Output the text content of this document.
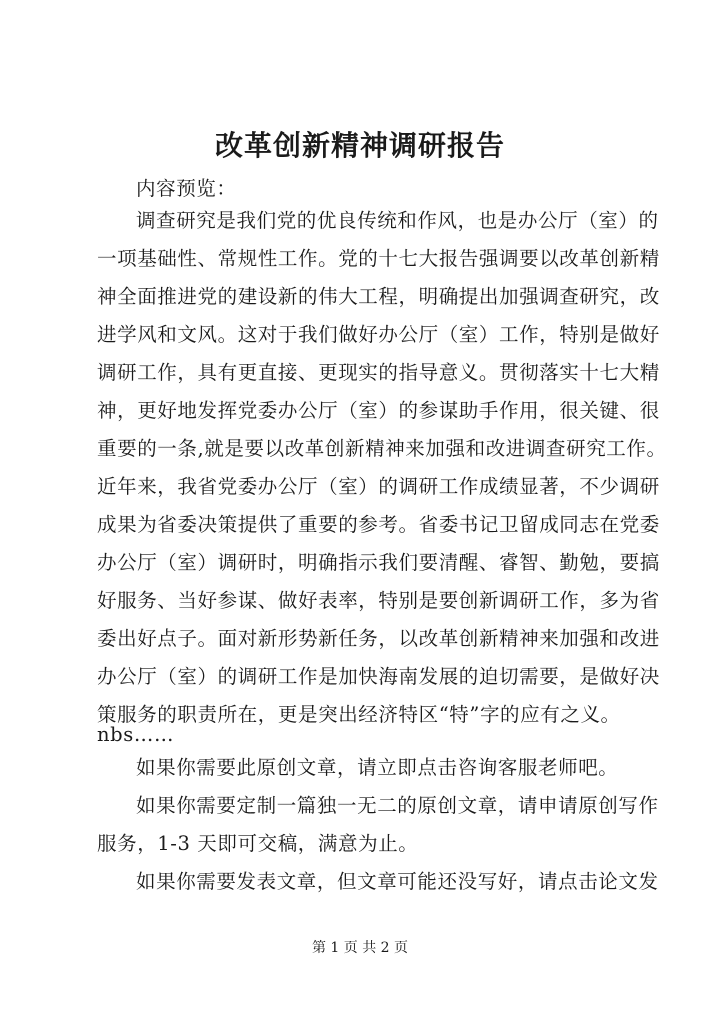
改革创新精神调研报告
内容预览：
调查研究是我们党的优良传统和作风，也是办公厅（室）的
一项基础性、常规性工作。党的十七大报告强调要以改革创新精
神全面推进党的建设新的伟大工程，明确提出加强调查研究，改
进学风和文风。这对于我们做好办公厅（室）工作，特别是做好
调研工作，具有更直接、更现实的指导意义。贯彻落实十七大精
神，更好地发挥党委办公厅（室）的参谋助手作用，很关键、很
重要的一条,就是要以改革创新精神来加强和改进调查研究工作。
近年来，我省党委办公厅（室）的调研工作成绩显著，不少调研
成果为省委决策提供了重要的参考。省委书记卫留成同志在党委
办公厅（室）调研时，明确指示我们要清醒、睿智、勤勉，要搞
好服务、当好参谋、做好表率，特别是要创新调研工作，多为省
委出好点子。面对新形势新任务，以改革创新精神来加强和改进
办公厅（室）的调研工作是加快海南发展的迫切需要，是做好决
策服务的职责所在，更是突出经济特区“特”字的应有之义。
nbs……
如果你需要此原创文章，请立即点击咨询客服老师吧。
如果你需要定制一篇独一无二的原创文章，请申请原创写作
服务，1-3 天即可交稿，满意为止。
如果你需要发表文章，但文章可能还没写好，请点击论文发
第 1 页 共 2 页
